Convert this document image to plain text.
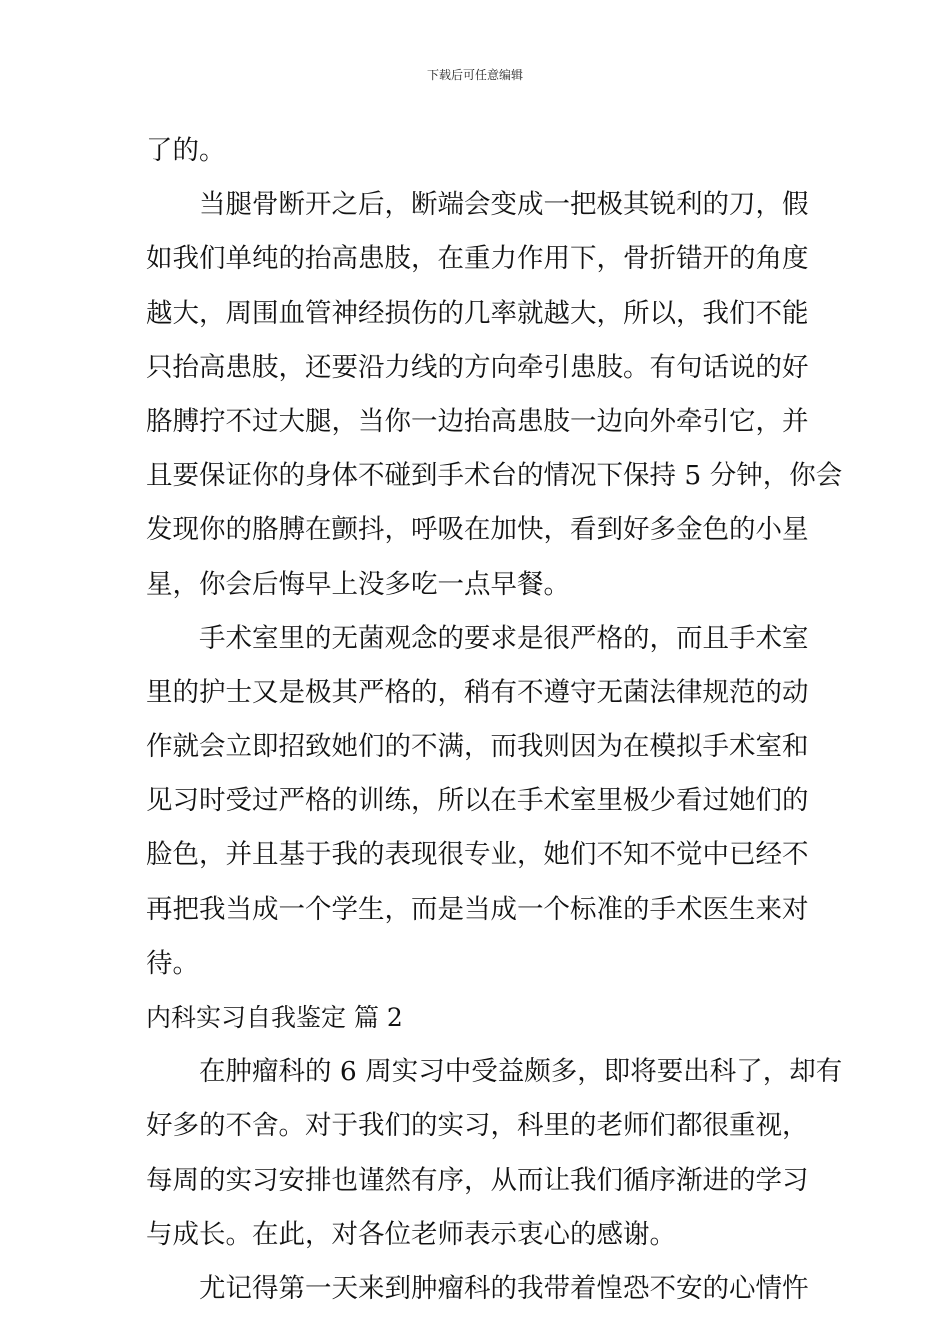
下载后可任意编辑
了的。
当腿骨断开之后，断端会变成一把极其锐利的刀，假
如我们单纯的抬高患肢，在重力作用下，骨折错开的角度
越大，周围血管神经损伤的几率就越大，所以，我们不能
只抬高患肢，还要沿力线的方向牵引患肢。有句话说的好
胳膊拧不过大腿，当你一边抬高患肢一边向外牵引它，并
且要保证你的身体不碰到手术台的情况下保持 5 分钟，你会
发现你的胳膊在颤抖，呼吸在加快，看到好多金色的小星
星，你会后悔早上没多吃一点早餐。
手术室里的无菌观念的要求是很严格的，而且手术室
里的护士又是极其严格的，稍有不遵守无菌法律规范的动
作就会立即招致她们的不满，而我则因为在模拟手术室和
见习时受过严格的训练，所以在手术室里极少看过她们的
脸色，并且基于我的表现很专业，她们不知不觉中已经不
再把我当成一个学生，而是当成一个标准的手术医生来对
待。
内科实习自我鉴定 篇 2
在肿瘤科的 6 周实习中受益颇多，即将要出科了，却有
好多的不舍。对于我们的实习，科里的老师们都很重视，
每周的实习安排也谨然有序，从而让我们循序渐进的学习
与成长。在此，对各位老师表示衷心的感谢。
尤记得第一天来到肿瘤科的我带着惶恐不安的心情忤
